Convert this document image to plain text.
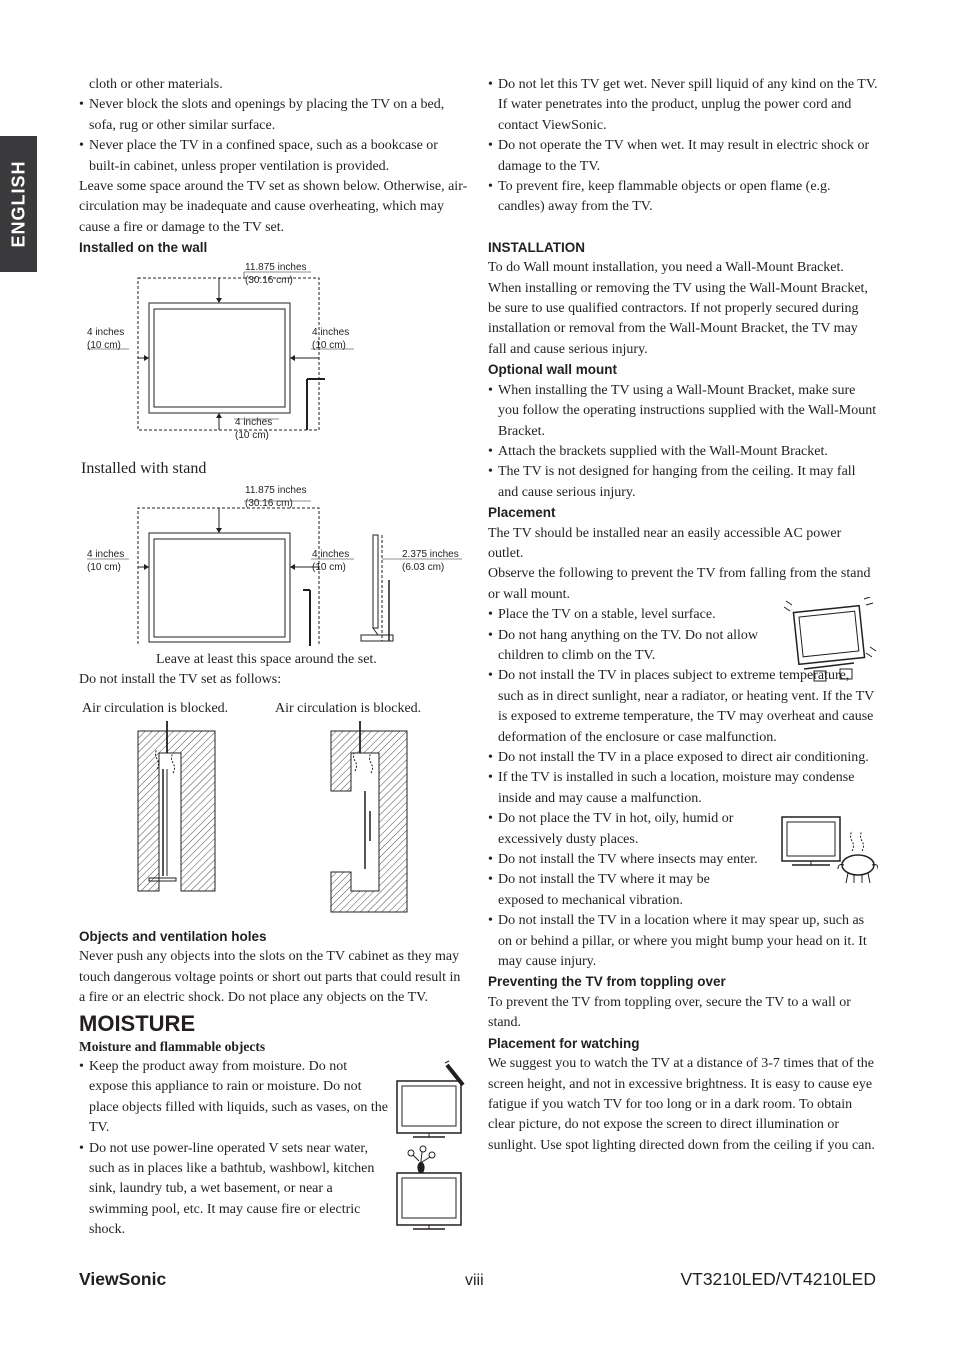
ENGLISH

cloth or other materials.

• Never block the slots and openings by placing the TV on a bed, sofa, rug or other similar surface.
• Never place the TV in a confined space, such as a bookcase or built-in cabinet, unless proper ventilation is provided.

Leave some space around the TV set as shown below. Otherwise, air-circulation may be inadequate and cause overheating, which may cause a fire or damage to the TV set.

Installed on the wall
11.875 inches
(30.16 cm)
4 inches
(10 cm)
4 inches
(10 cm)
4 inches
(10 cm)
Installed with stand
11.875 inches
(30.16 cm)
4 inches
(10 cm)
4 inches
(10 cm)
2.375 inches
(6.03 cm)

Leave at least this space around the set.

Do not install the TV set as follows:

Air circulation is blocked.	Air circulation is blocked.
Objects and ventilation holes

Never push any objects into the slots on the TV cabinet as they may touch dangerous voltage points or short out parts that could result in a fire or an electric shock. Do not place any objects on the TV.

MOISTURE
Moisture and flammable objects
• Keep the product away from moisture. Do not expose this appliance to rain or moisture. Do not place objects filled with liquids, such as vases, on the TV.
• Do not use power-line operated V sets near water, such as in places like a bathtub, washbowl, kitchen sink, laundry tub, a wet basement, or near a swimming pool, etc. It may cause fire or electric shock.
• Do not let this TV get wet. Never spill liquid of any kind on the TV. If water penetrates into the product, unplug the power cord and contact ViewSonic.
• Do not operate the TV when wet. It may result in electric shock or damage to the TV.
• To prevent fire, keep flammable objects or open flame (e.g. candles) away from the TV.
INSTALLATION

To do Wall mount installation, you need a Wall-Mount Bracket. When installing or removing the TV using the Wall-Mount Bracket, be sure to use qualified contractors. If not properly secured during installation or removal from the Wall-Mount Bracket, the TV may fall and cause serious injury.

Optional wall mount
• When installing the TV using a Wall-Mount Bracket, make sure you follow the operating instructions supplied with the Wall-Mount Bracket.
• Attach the brackets supplied with the Wall-Mount Bracket.
• The TV is not designed for hanging from the ceiling. It may fall and cause serious injury.
Placement

The TV should be installed near an easily accessible AC power outlet.

Observe the following to prevent the TV from falling from the stand or wall mount.

• Place the TV on a stable, level surface.
• Do not hang anything on the TV. Do not allow children to climb on the TV.
• Do not install the TV in places subject to extreme temperature, such as in direct sunlight, near a radiator, or heating vent. If the TV is exposed to extreme temperature, the TV may overheat and cause deformation of the enclosure or case malfunction.
• Do not install the TV in a place exposed to direct air conditioning.
• If the TV is installed in such a location, moisture may condense inside and may cause a malfunction.
• Do not place the TV in hot, oily, humid or excessively dusty places.
• Do not install the TV where insects may enter.
• Do not install the TV where it may be exposed to mechanical vibration.
• Do not install the TV in a location where it may spear up, such as on or behind a pillar, or where you might bump your head on it. It may cause injury.
Preventing the TV from toppling over

To prevent the TV from toppling over, secure the TV to a wall or stand.

Placement for watching

We suggest you to watch the TV at a distance of 3-7 times that of the screen height, and not in excessive brightness. It is easy to cause eye fatigue if you watch TV for too long or in a dark room. To obtain clear picture, do not expose the screen to direct illumination or sunlight. Use spot lighting directed down from the ceiling if you can.

ViewSonic	viii	VT3210LED/VT4210LED
